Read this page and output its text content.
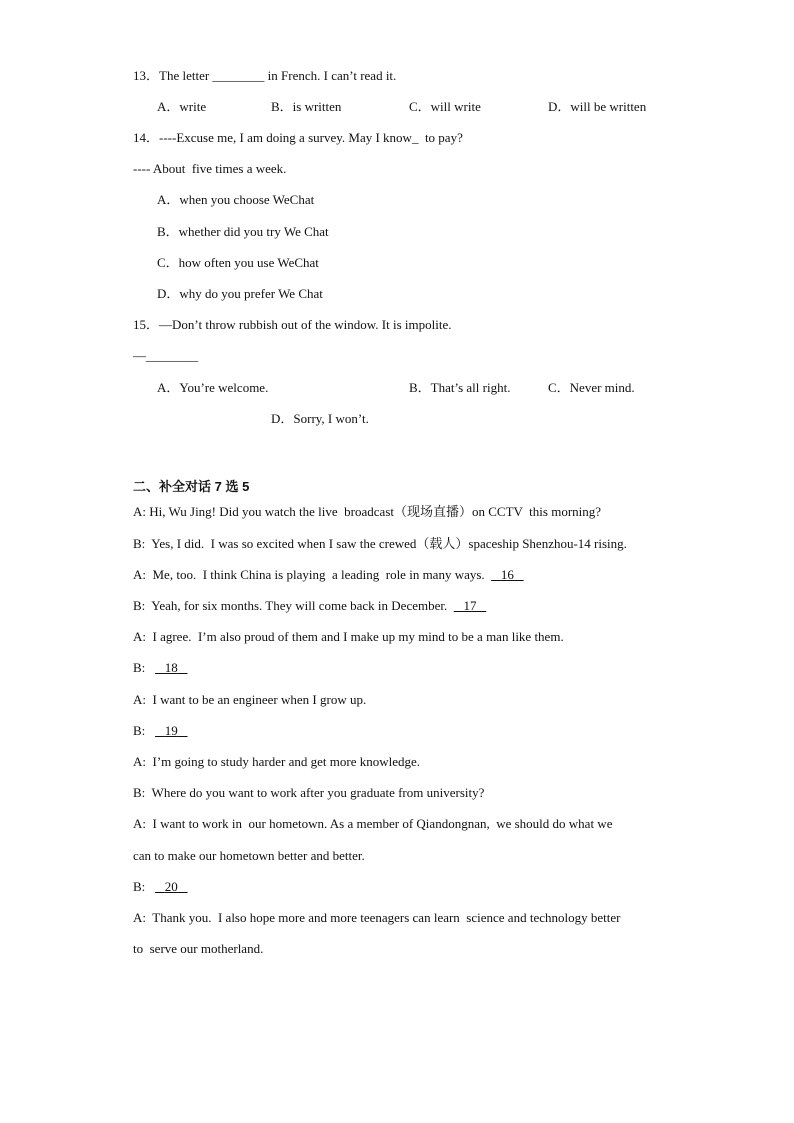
13．The letter ________ in French. I can’t read it.
A．write	B．is written	C．will write	D．will be written
14．----Excuse me, I am doing a survey. May I know_  to pay?
---- About  five times a week.
A．when you choose WeChat
B．whether did you try We Chat
C．how often you use WeChat
D．why do you prefer We Chat
15．—Don’t throw rubbish out of the window. It is impolite.
—________
A．You’re welcome.	B．That’s all right.	C．Never mind.
D．Sorry, I won’t.
二、补全对话 7 选 5
A: Hi, Wu Jing! Did you watch the live  broadcast（现场直播）on CCTV  this morning?
B:  Yes, I did.  I was so excited when I saw the crewed（载人）spaceship Shenzhou-14 rising.
A:  Me, too.  I think China is playing  a leading  role in many ways. 16
B:  Yeah, for six months. They will come back in December. 17
A:  I agree.  I’m also proud of them and I make up my mind to be a man like them.
B: 18
A:  I want to be an engineer when I grow up.
B: 19
A:  I’m going to study harder and get more knowledge.
B:  Where do you want to work after you graduate from university?
A:  I want to work in  our hometown. As a member of Qiandongnan,  we should do what we
can to make our hometown better and better.
B: 20
A:  Thank you.  I also hope more and more teenagers can learn  science and technology better
to  serve our motherland.
